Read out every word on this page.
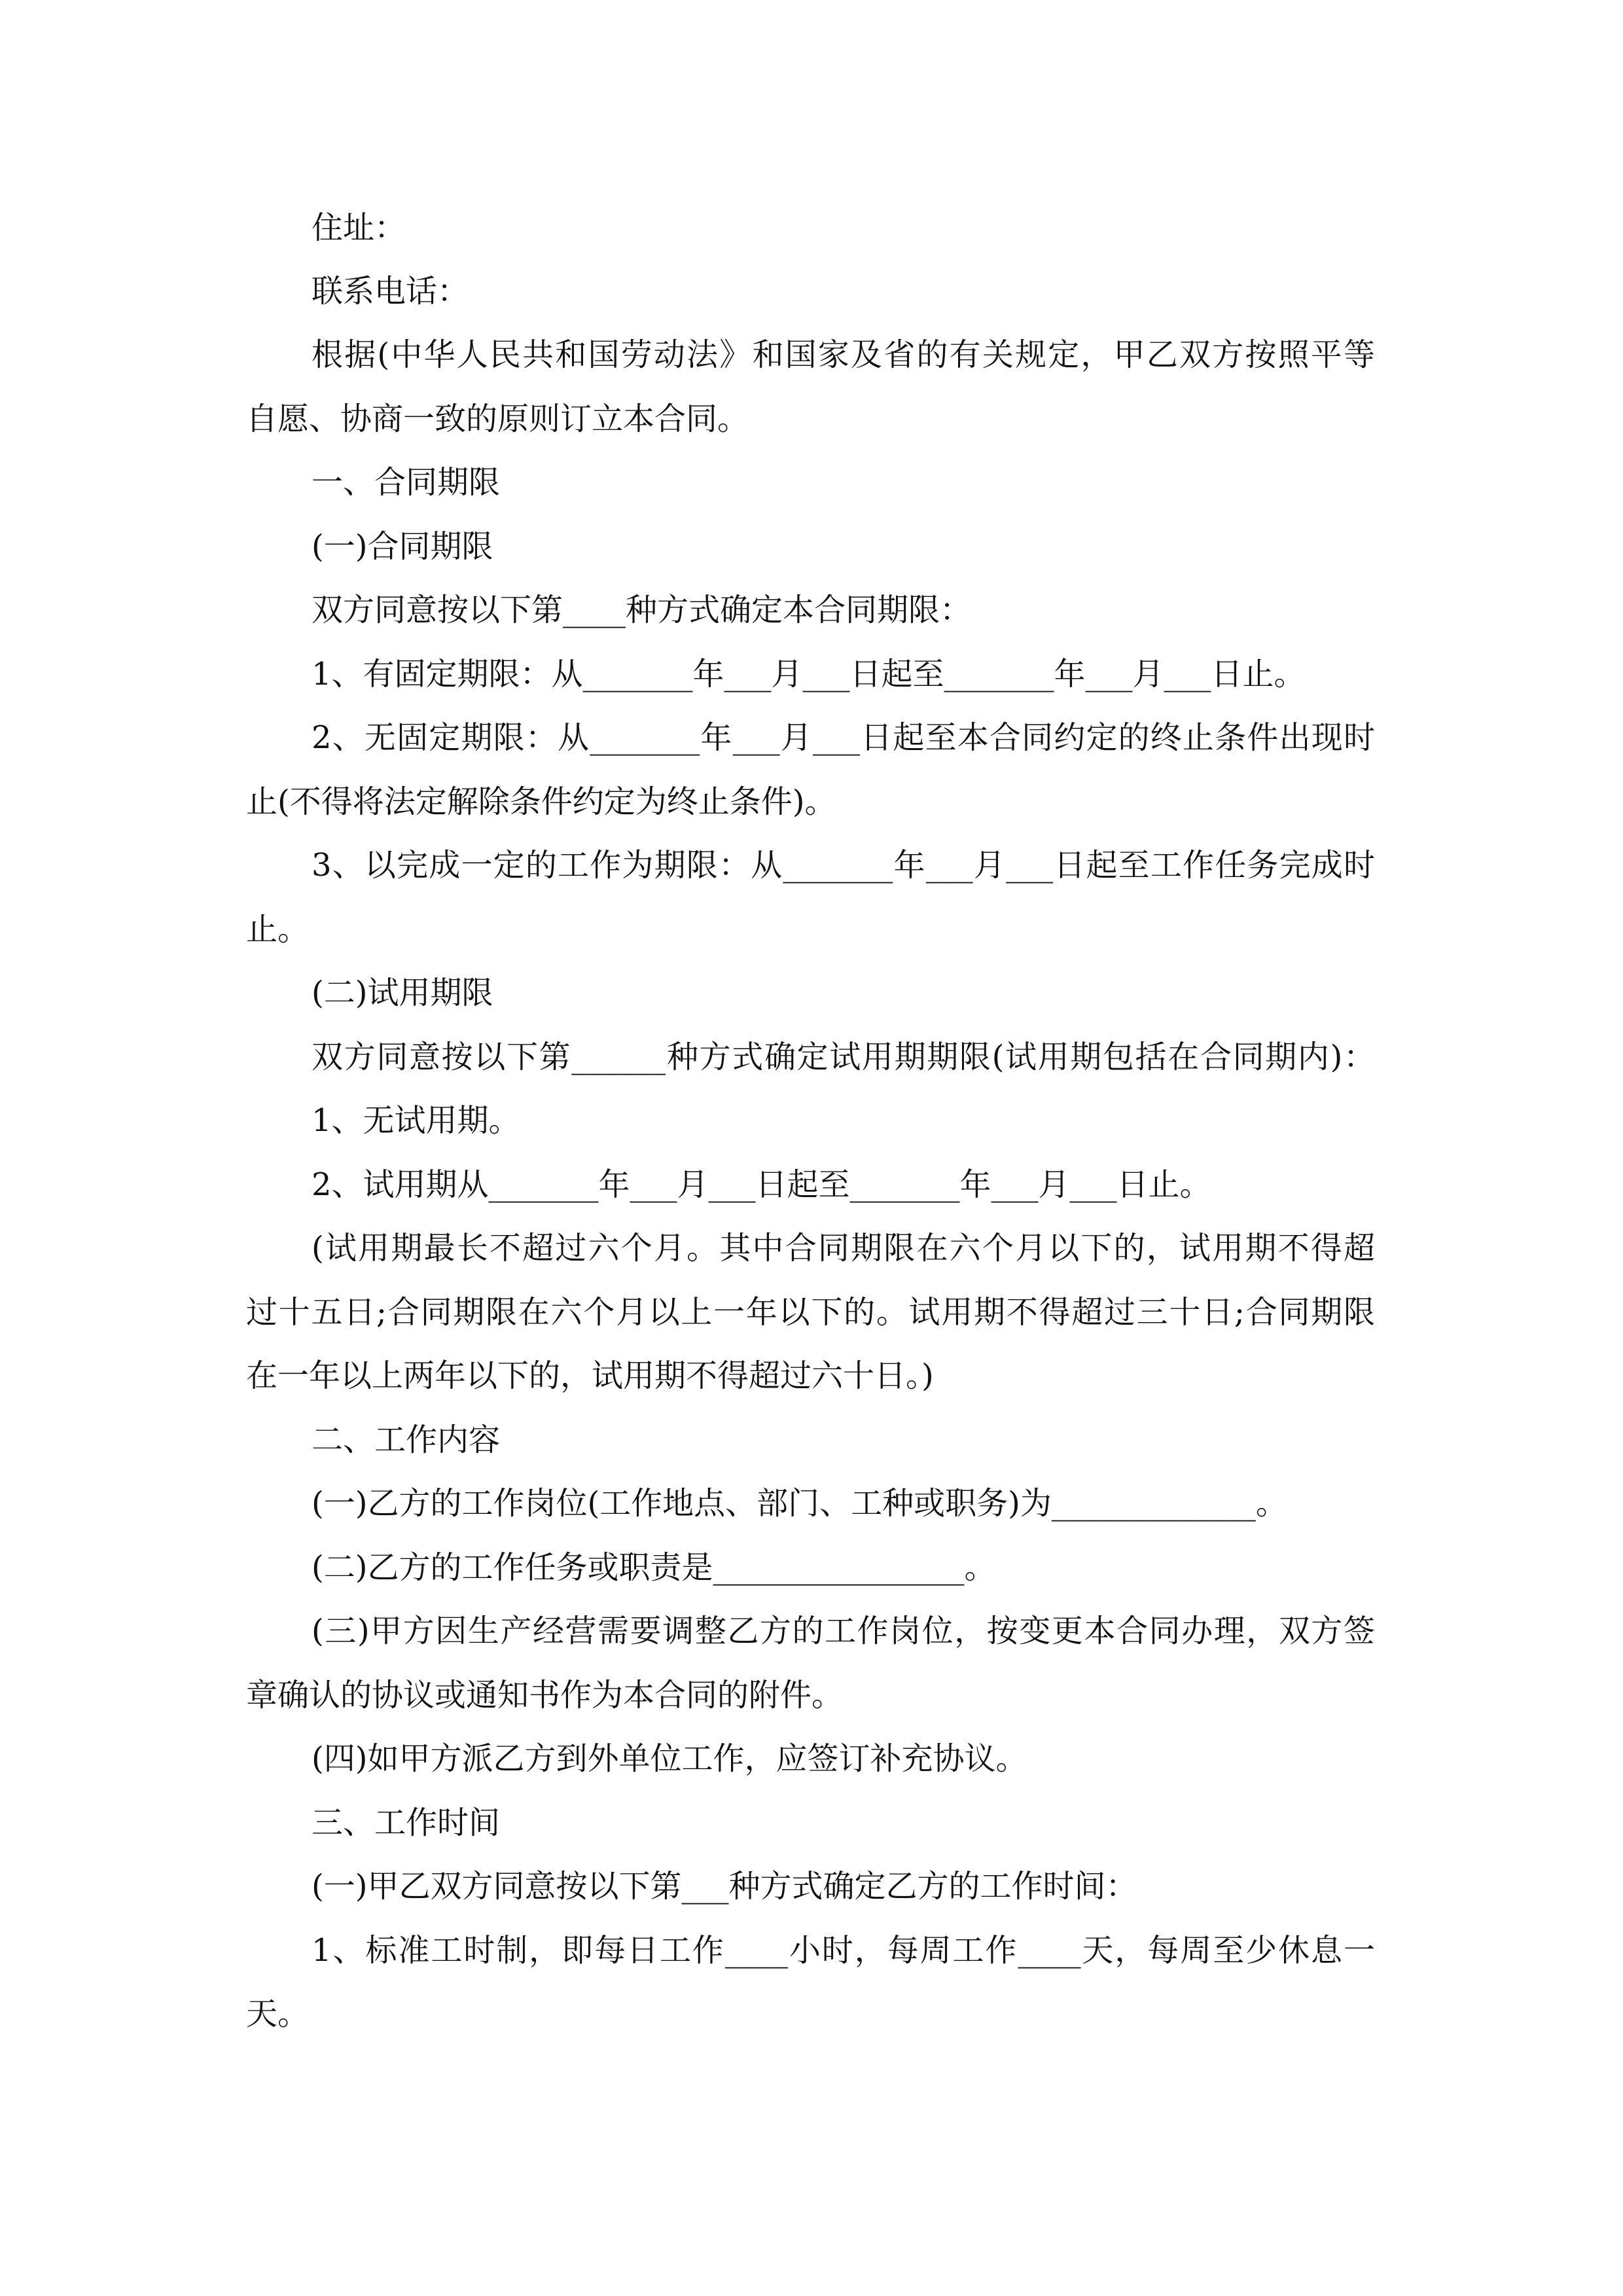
住址：
联系电话：
根据(中华人民共和国劳动法》和国家及省的有关规定，甲乙双方按照平等
自愿、协商一致的原则订立本合同。
一、合同期限
(一)合同期限
双方同意按以下第____种方式确定本合同期限：
1、有固定期限：从_______年___月___日起至_______年___月___日止。
2、无固定期限：从_______年___月___日起至本合同约定的终止条件出现时
止(不得将法定解除条件约定为终止条件)。
3、以完成一定的工作为期限：从_______年___月___日起至工作任务完成时
止。
(二)试用期限
双方同意按以下第______种方式确定试用期期限(试用期包括在合同期内)：
1、无试用期。
2、试用期从_______年___月___日起至_______年___月___日止。
(试用期最长不超过六个月。其中合同期限在六个月以下的，试用期不得超
过十五日;合同期限在六个月以上一年以下的。试用期不得超过三十日;合同期限
在一年以上两年以下的，试用期不得超过六十日。)
二、工作内容
(一)乙方的工作岗位(工作地点、部门、工种或职务)为_____________。
(二)乙方的工作任务或职责是________________。
(三)甲方因生产经营需要调整乙方的工作岗位，按变更本合同办理，双方签
章确认的协议或通知书作为本合同的附件。
(四)如甲方派乙方到外单位工作，应签订补充协议。
三、工作时间
(一)甲乙双方同意按以下第___种方式确定乙方的工作时间：
1、标准工时制，即每日工作____小时，每周工作____天，每周至少休息一
天。
